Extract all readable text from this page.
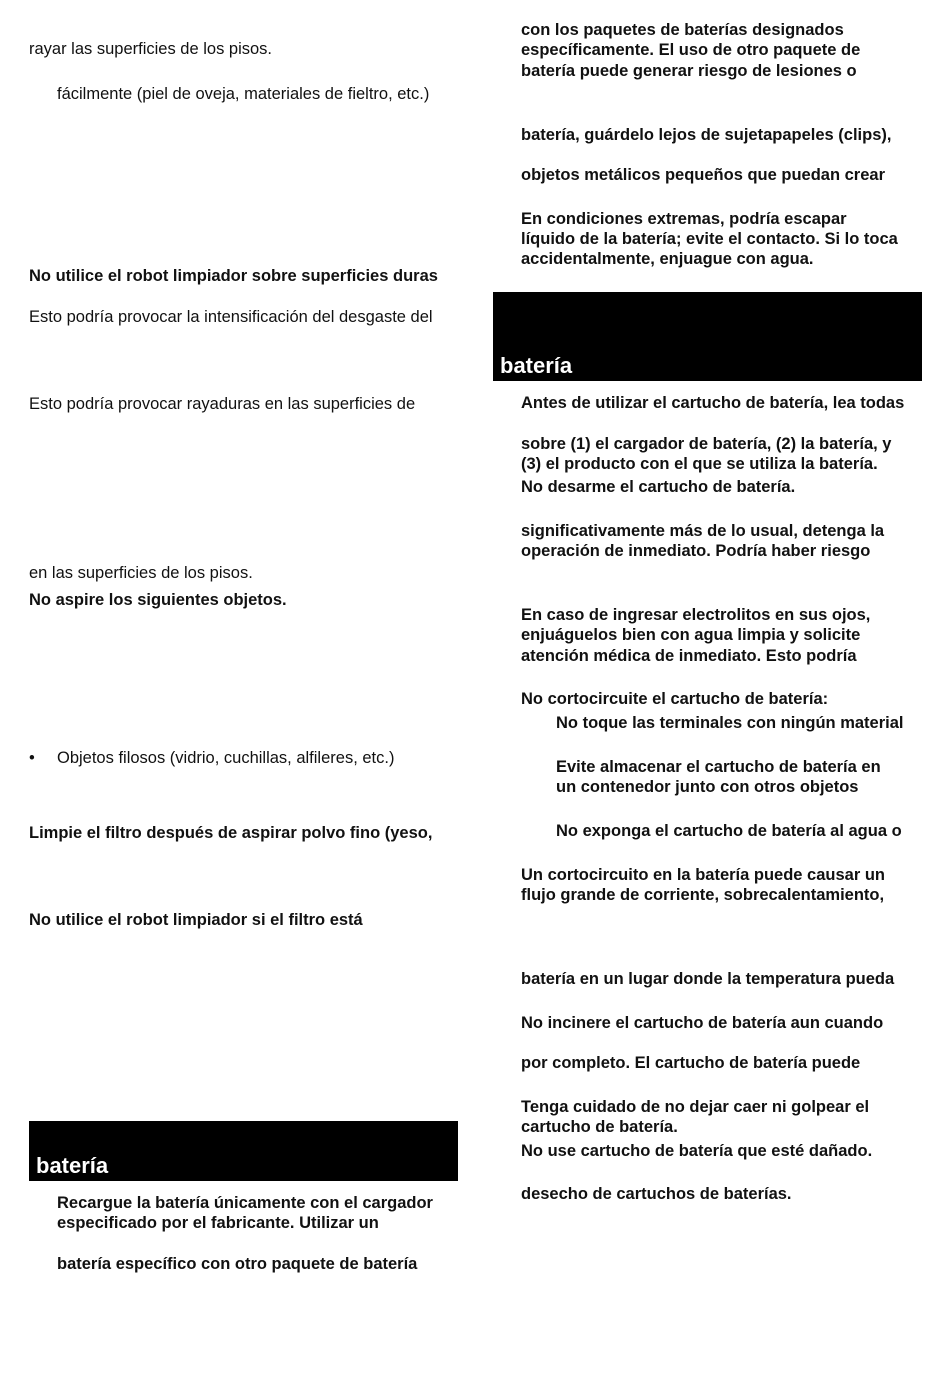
rayar las superficies de los pisos.
fácilmente (piel de oveja, materiales de fieltro, etc.)
No utilice el robot limpiador sobre superficies duras
Esto podría provocar la intensificación del desgaste del
Esto podría provocar rayaduras en las superficies de
en las superficies de los pisos.
No aspire los siguientes objetos.
• Objetos filosos (vidrio, cuchillas, alfileres, etc.)
Limpie el filtro después de aspirar polvo fino (yeso,
No utilice el robot limpiador si el filtro está
batería
Recargue la batería únicamente con el cargador
especificado por el fabricante. Utilizar un
batería específico con otro paquete de batería
con los paquetes de baterías designados
específicamente. El uso de otro paquete de
batería puede generar riesgo de lesiones o
batería, guárdelo lejos de sujetapapeles (clips),
objetos metálicos pequeños que puedan crear
En condiciones extremas, podría escapar
líquido de la batería; evite el contacto. Si lo toca
accidentalmente, enjuague con agua.
batería
Antes de utilizar el cartucho de batería, lea todas
sobre (1) el cargador de batería, (2) la batería, y
(3) el producto con el que se utiliza la batería.
No desarme el cartucho de batería.
significativamente más de lo usual, detenga la
operación de inmediato. Podría haber riesgo
En caso de ingresar electrolitos en sus ojos,
enjuáguelos bien con agua limpia y solicite
atención médica de inmediato. Esto podría
No cortocircuite el cartucho de batería:
No toque las terminales con ningún material
Evite almacenar el cartucho de batería en
un contenedor junto con otros objetos
No exponga el cartucho de batería al agua o
Un cortocircuito en la batería puede causar un
flujo grande de corriente, sobrecalentamiento,
batería en un lugar donde la temperatura pueda
No incinere el cartucho de batería aun cuando
por completo. El cartucho de batería puede
Tenga cuidado de no dejar caer ni golpear el
cartucho de batería.
No use cartucho de batería que esté dañado.
desecho de cartuchos de baterías.
